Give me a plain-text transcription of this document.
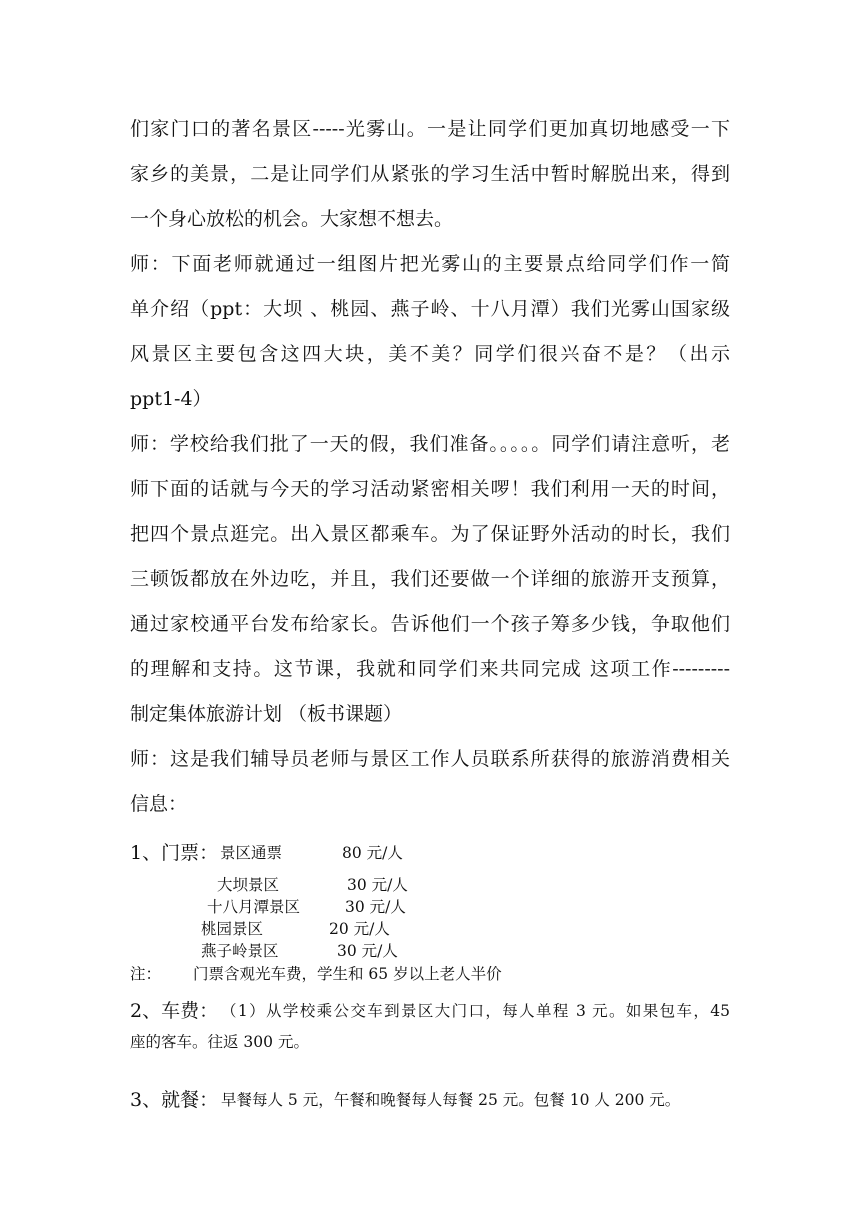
们家门口的著名景区-----光雾山。一是让同学们更加真切地感受一下
家乡的美景，二是让同学们从紧张的学习生活中暂时解脱出来，得到
一个身心放松的机会。大家想不想去。
师：下面老师就通过一组图片把光雾山的主要景点给同学们作一简
单介绍（ppt：大坝 、桃园、燕子岭、十八月潭）我们光雾山国家级
风景区主要包含这四大块，美不美？同学们很兴奋不是？（出示
ppt1-4）
师：学校给我们批了一天的假，我们准备。。。。。同学们请注意听，老
师下面的话就与今天的学习活动紧密相关啰！我们利用一天的时间，
把四个景点逛完。出入景区都乘车。为了保证野外活动的时长，我们
三顿饭都放在外边吃，并且，我们还要做一个详细的旅游开支预算，
通过家校通平台发布给家长。告诉他们一个孩子筹多少钱，争取他们
的理解和支持。这节课，我就和同学们来共同完成 这项工作---------
制定集体旅游计划 （板书课题）
师：这是我们辅导员老师与景区工作人员联系所获得的旅游消费相关
信息：
1、门票： 景区通票	80 元/人
大坝景区	30 元/人
十八月潭景区	30 元/人
桃园景区	20 元/人
燕子岭景区	30 元/人
注： 门票含观光车费，学生和 65 岁以上老人半价
2、车费： （1）从学校乘公交车到景区大门口，每人单程 3 元。如果包车，45
座的客车。往返 300 元。
3、就餐： 早餐每人 5 元，午餐和晚餐每人每餐 25 元。包餐 10 人 200 元。
